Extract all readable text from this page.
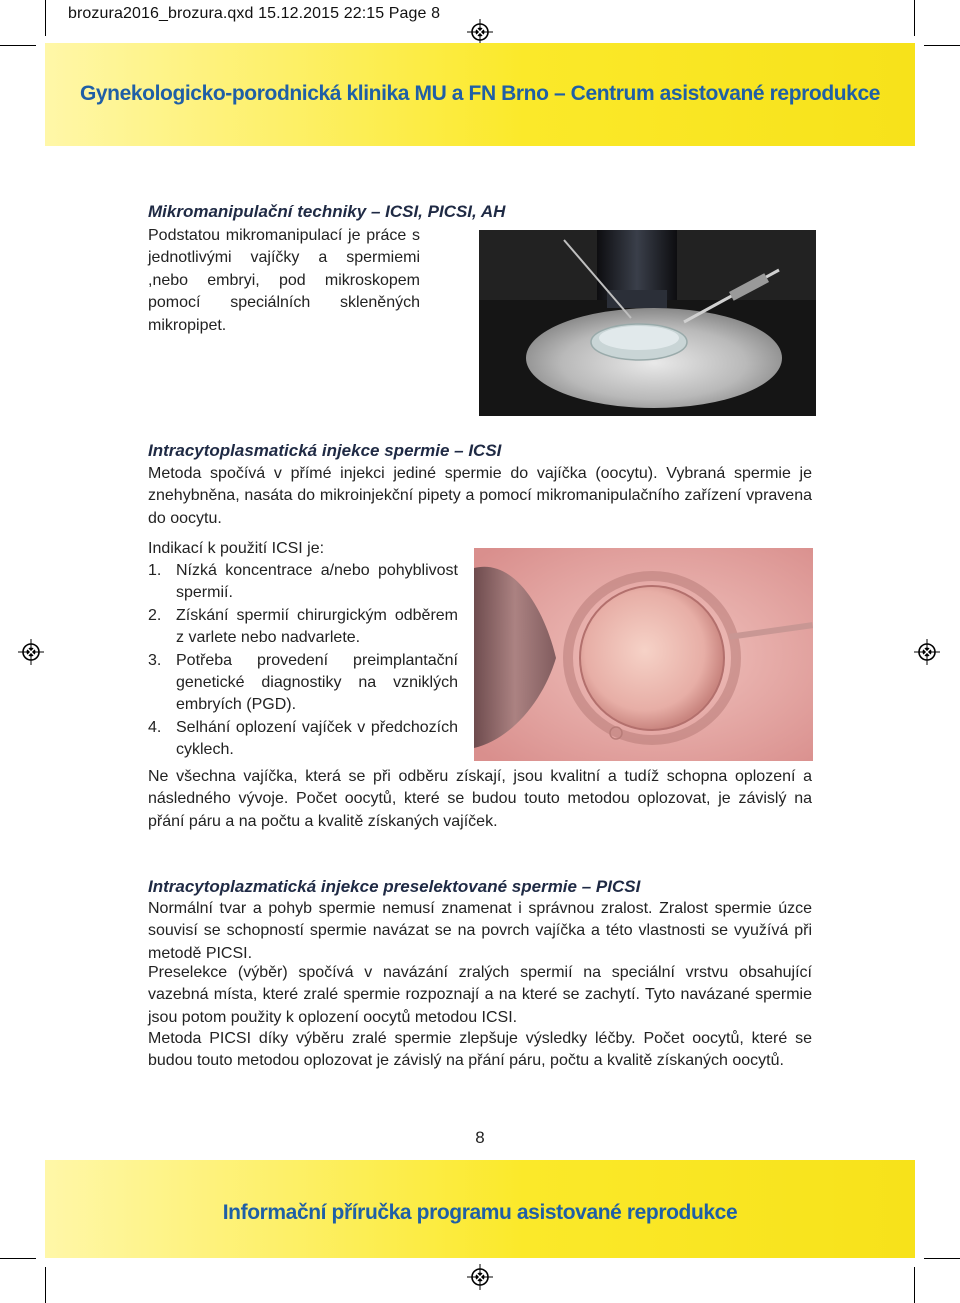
brozura2016_brozura.qxd 15.12.2015 22:15 Page 8
Gynekologicko-porodnická klinika MU a FN Brno – Centrum asistované reprodukce
Mikromanipulační techniky – ICSI, PICSI, AH
Podstatou mikromanipulací je práce s jednotlivými vajíčky a spermiemi ,nebo embryi, pod mikroskopem pomocí speciálních skleněných mikropipet.
Intracytoplasmatická injekce spermie – ICSI
Metoda spočívá v přímé injekci jediné spermie do vajíčka (oocytu). Vybraná spermie je znehybněna, nasáta do mikroinjekční pipety a pomocí mikromanipulačního zařízení vpravena do oocytu.
Indikací k použití ICSI je:
1. Nízká koncentrace a/nebo pohyblivost spermií.
2. Získání spermií chirurgickým odběrem z varlete nebo nadvarlete.
3. Potřeba provedení preimplantační genetické diagnostiky na vzniklých embryích (PGD).
4. Selhání oplození vajíček v předchozích cyklech.
Ne všechna vajíčka, která se při odběru získají, jsou kvalitní a tudíž schopna oplození a následného vývoje. Počet oocytů, které se budou touto metodou oplozovat, je závislý na přání páru a na počtu a kvalitě získaných vajíček.
Intracytoplazmatická injekce preselektované spermie – PICSI
Normální tvar a pohyb spermie nemusí znamenat i správnou zralost. Zralost spermie úzce souvisí se schopností spermie navázat se na povrch vajíčka a této vlastnosti se využívá při metodě PICSI.
Preselekce (výběr) spočívá v navázání zralých spermií na speciální vrstvu obsahující vazebná místa, které zralé spermie rozpoznají a na které se zachytí. Tyto navázané spermie jsou potom použity k oplození oocytů metodou ICSI.
Metoda PICSI díky výběru zralé spermie zlepšuje výsledky léčby. Počet oocytů, které se budou touto metodou oplozovat je závislý na přání páru, počtu a kvalitě získaných oocytů.
8
Informační příručka programu asistované reprodukce
